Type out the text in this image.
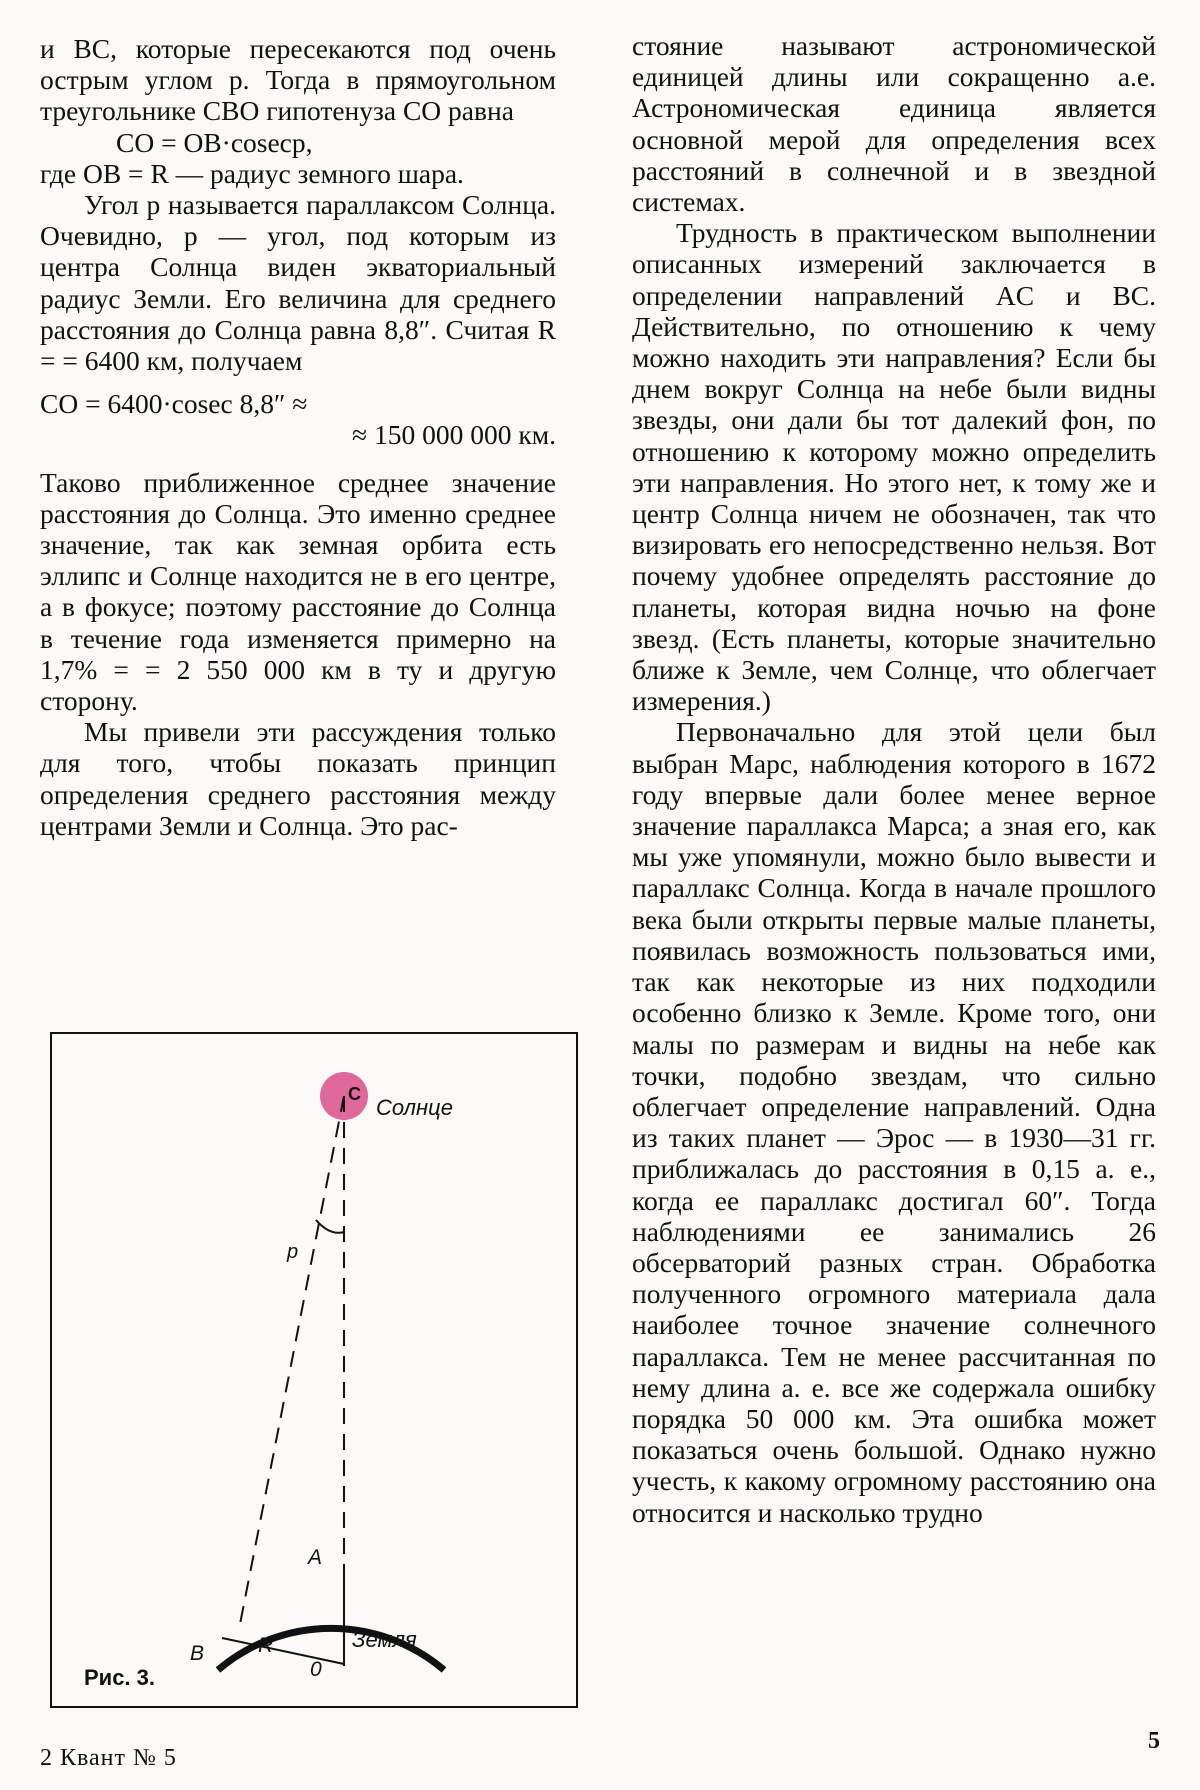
и BC, которые пересекаются под очень острым углом p. Тогда в прямоугольном треугольнике CBO гипотенуза CO равна

CO = OB·cosecp,

где OB = R — радиус земного шара.

Угол p называется параллаксом Солнца. Очевидно, p — угол, под которым из центра Солнца виден экваториальный радиус Земли. Его величина для среднего расстояния до Солнца равна 8,8″. Считая R = = 6400 км, получаем

CO = 6400·cosec 8,8″ ≈

≈ 150 000 000 км.

Таково приближенное среднее значение расстояния до Солнца. Это именно среднее значение, так как земная орбита есть эллипс и Солнце находится не в его центре, а в фокусе; поэтому расстояние до Солнца в течение года изменяется примерно на 1,7% = = 2 550 000 км в ту и другую сторону.

Мы привели эти рассуждения только для того, чтобы показать принцип определения среднего расстояния между центрами Земли и Солнца. Это рас-

стояние называют астрономической единицей длины или сокращенно а.е. Астрономическая единица является основной мерой для определения всех расстояний в солнечной и в звездной системах.

Трудность в практическом выполнении описанных измерений заключается в определении направлений AC и BC. Действительно, по отношению к чему можно находить эти направления? Если бы днем вокруг Солнца на небе были видны звезды, они дали бы тот далекий фон, по отношению к которому можно определить эти направления. Но этого нет, к тому же и центр Солнца ничем не обозначен, так что визировать его непосредственно нельзя. Вот почему удобнее определять расстояние до планеты, которая видна ночью на фоне звезд. (Есть планеты, которые значительно ближе к Земле, чем Солнце, что облегчает измерения.)

Первоначально для этой цели был выбран Марс, наблюдения которого в 1672 году впервые дали более менее верное значение параллакса Марса; а зная его, как мы уже упомянули, можно было вывести и параллакс Солнца. Когда в начале прошлого века были открыты первые малые планеты, появилась возможность пользоваться ими, так как некоторые из них подходили особенно близко к Земле. Кроме того, они малы по размерам и видны на небе как точки, подобно звездам, что сильно облегчает определение направлений. Одна из таких планет — Эрос — в 1930—31 гг. приближалась до расстояния в 0,15 а. е., когда ее параллакс достигал 60″. Тогда наблюдениями ее занимались 26 обсерваторий разных стран. Обработка полученного огромного материала дала наиболее точное значение солнечного параллакса. Тем не менее рассчитанная по нему длина а. е. все же содержала ошибку порядка 50 000 км. Эта ошибка может показаться очень большой. Однако нужно учесть, к какому огромному расстоянию она относится и насколько трудно

C
Солнце
p
A
Земля
B	R
0
Рис. 3.
2 Квант № 5
5
